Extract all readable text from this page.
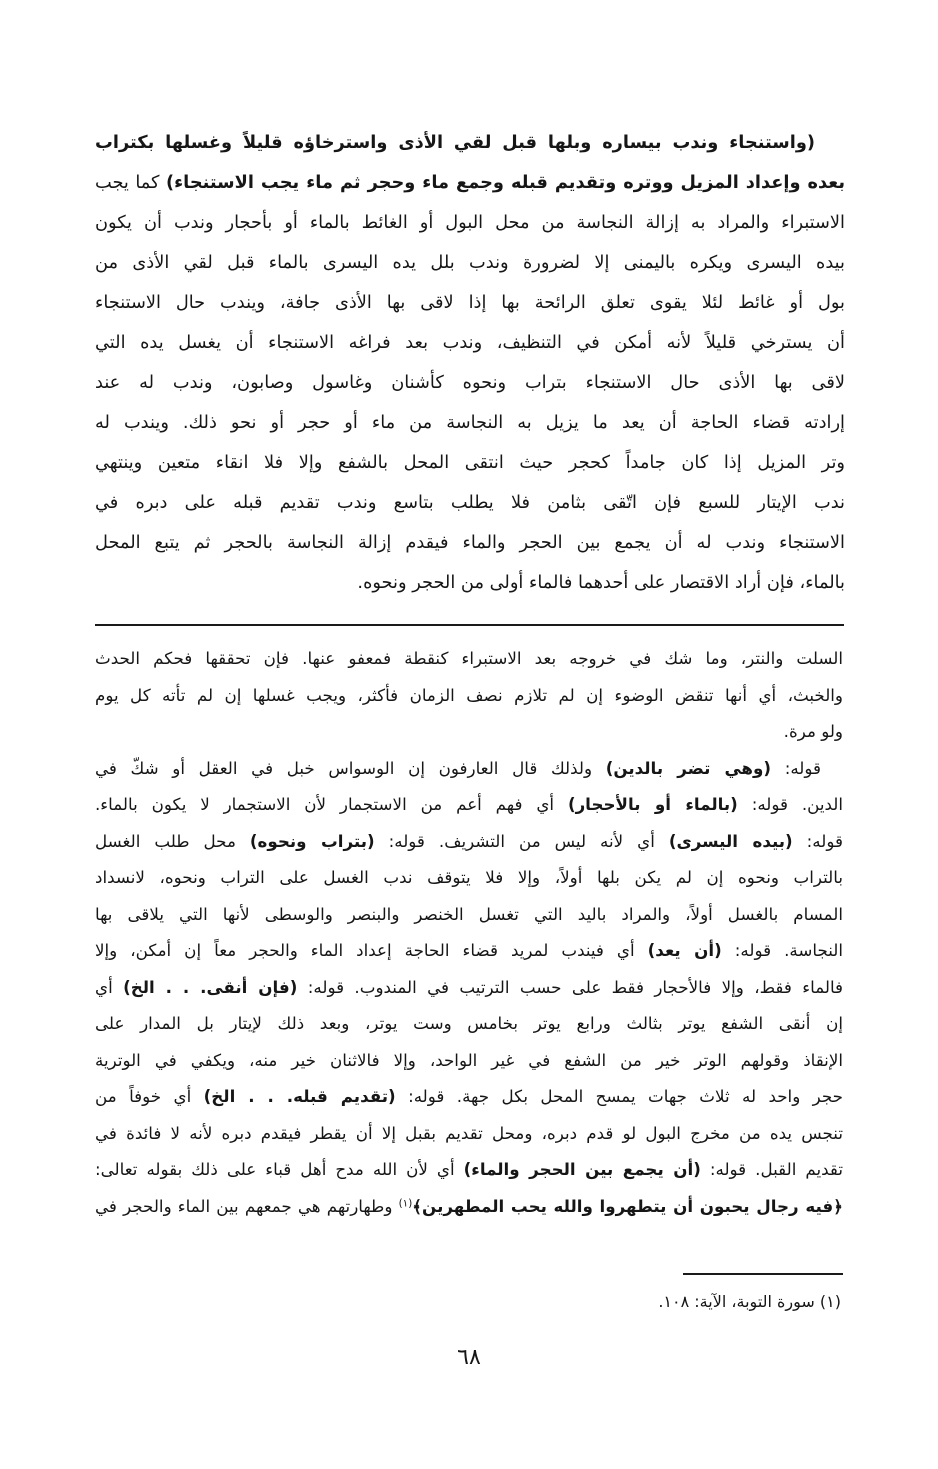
(واستنجاء وندب بيساره وبلها قبل لقي الأذى واسترخاؤه قليلاً وغسلها بكتراب
بعده وإعداد المزيل ووتره وتقديم قبله وجمع ماء وحجر ثم ماء يجب الاستنجاء) كما يجب
الاستبراء والمراد به إزالة النجاسة من محل البول أو الغائط بالماء أو بأحجار وندب أن يكون
بيده اليسرى ويكره باليمنى إلا لضرورة وندب بلل يده اليسرى بالماء قبل لقي الأذى من
بول أو غائط لئلا يقوى تعلق الرائحة بها إذا لاقى بها الأذى جافة، ويندب حال الاستنجاء
أن يسترخي قليلاً لأنه أمكن في التنظيف، وندب بعد فراغه الاستنجاء أن يغسل يده التي
لاقى بها الأذى حال الاستنجاء بتراب ونحوه كأشنان وغاسول وصابون، وندب له عند
إرادته قضاء الحاجة أن يعد ما يزيل به النجاسة من ماء أو حجر أو نحو ذلك. ويندب له
وتر المزيل إذا كان جامداً كحجر حيث انتقى المحل بالشفع وإلا فلا انقاء متعين وينتهي
ندب الإيتار للسبع فإن اتّقى بثامن فلا يطلب بتاسع وندب تقديم قبله على دبره في
الاستنجاء وندب له أن يجمع بين الحجر والماء فيقدم إزالة النجاسة بالحجر ثم يتبع المحل
بالماء، فإن أراد الاقتصار على أحدهما فالماء أولى من الحجر ونحوه.
السلت والنتر، وما شك في خروجه بعد الاستبراء كنقطة فمعفو عنها. فإن تحققها فحكم الحدث
والخبث، أي أنها تنقض الوضوء إن لم تلازم نصف الزمان فأكثر، ويجب غسلها إن لم تأته كل يوم
ولو مرة.
قوله: (وهي تضر بالدين) ولذلك قال العارفون إن الوسواس خبل في العقل أو شكّ في
الدين. قوله: (بالماء أو بالأحجار) أي فهم أعم من الاستجمار لأن الاستجمار لا يكون بالماء.
قوله: (بيده اليسرى) أي لأنه ليس من التشريف. قوله: (بتراب ونحوه) محل طلب الغسل
بالتراب ونحوه إن لم يكن بلها أولاً، وإلا فلا يتوقف ندب الغسل على التراب ونحوه، لانسداد
المسام بالغسل أولاً، والمراد باليد التي تغسل الخنصر والبنصر والوسطى لأنها التي يلاقى بها
النجاسة. قوله: (أن يعد) أي فيندب لمريد قضاء الحاجة إعداد الماء والحجر معاً إن أمكن، وإلا
فالماء فقط، وإلا فالأحجار فقط على حسب الترتيب في المندوب. قوله: (فإن أنقى. . . الخ) أي
إن أنقى الشفع يوتر بثالث ورابع يوتر بخامس وست يوتر، وبعد ذلك لإيتار بل المدار على
الإنقاذ وقولهم الوتر خير من الشفع في غير الواحد، وإلا فالاثنان خير منه، ويكفي في الوترية
حجر واحد له ثلاث جهات يمسح المحل بكل جهة. قوله: (تقديم قبله. . . الخ) أي خوفاً من
تنجس يده من مخرج البول لو قدم دبره، ومحل تقديم بقبل إلا أن يقطر فيقدم دبره لأنه لا فائدة في
تقديم القبل. قوله: (أن يجمع بين الحجر والماء) أي لأن الله مدح أهل قباء على ذلك بقوله تعالى:
﴿فيه رجال يحبون أن يتطهروا والله يحب المطهرين﴾$^{(١)}$ وطهارتهم هي جمعهم بين الماء والحجر في
(١) سورة التوبة، الآية: ١٠٨.
٦٨
